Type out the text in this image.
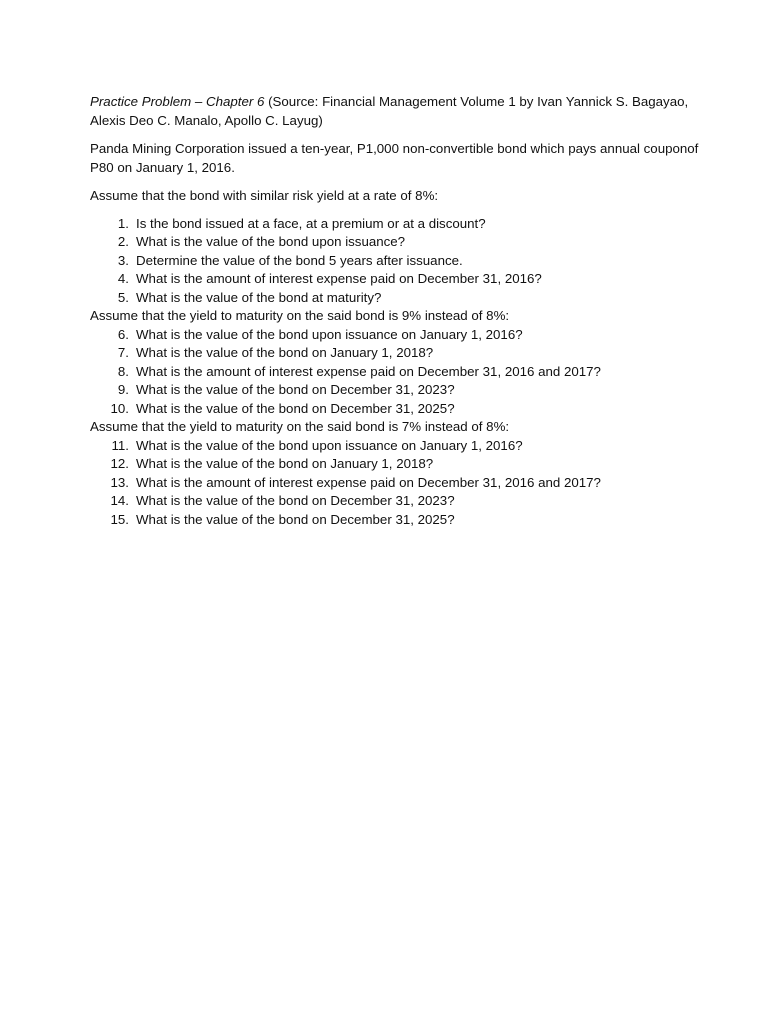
Practice Problem – Chapter 6 (Source: Financial Management Volume 1 by Ivan Yannick S. Bagayao, Alexis Deo C. Manalo, Apollo C. Layug)

Panda Mining Corporation issued a ten-year, P1,000 non-convertible bond which pays annual couponof P80 on January 1, 2016.

Assume that the bond with similar risk yield at a rate of 8%:

1. Is the bond issued at a face, at a premium or at a discount?
2. What is the value of the bond upon issuance?
3. Determine the value of the bond 5 years after issuance.
4. What is the amount of interest expense paid on December 31, 2016?
5. What is the value of the bond at maturity?

Assume that the yield to maturity on the said bond is 9% instead of 8%:

6. What is the value of the bond upon issuance on January 1, 2016?
7. What is the value of the bond on January 1, 2018?
8. What is the amount of interest expense paid on December 31, 2016 and 2017?
9. What is the value of the bond on December 31, 2023?
10. What is the value of the bond on December 31, 2025?

Assume that the yield to maturity on the said bond is 7% instead of 8%:

11. What is the value of the bond upon issuance on January 1, 2016?
12. What is the value of the bond on January 1, 2018?
13. What is the amount of interest expense paid on December 31, 2016 and 2017?
14. What is the value of the bond on December 31, 2023?
15. What is the value of the bond on December 31, 2025?
